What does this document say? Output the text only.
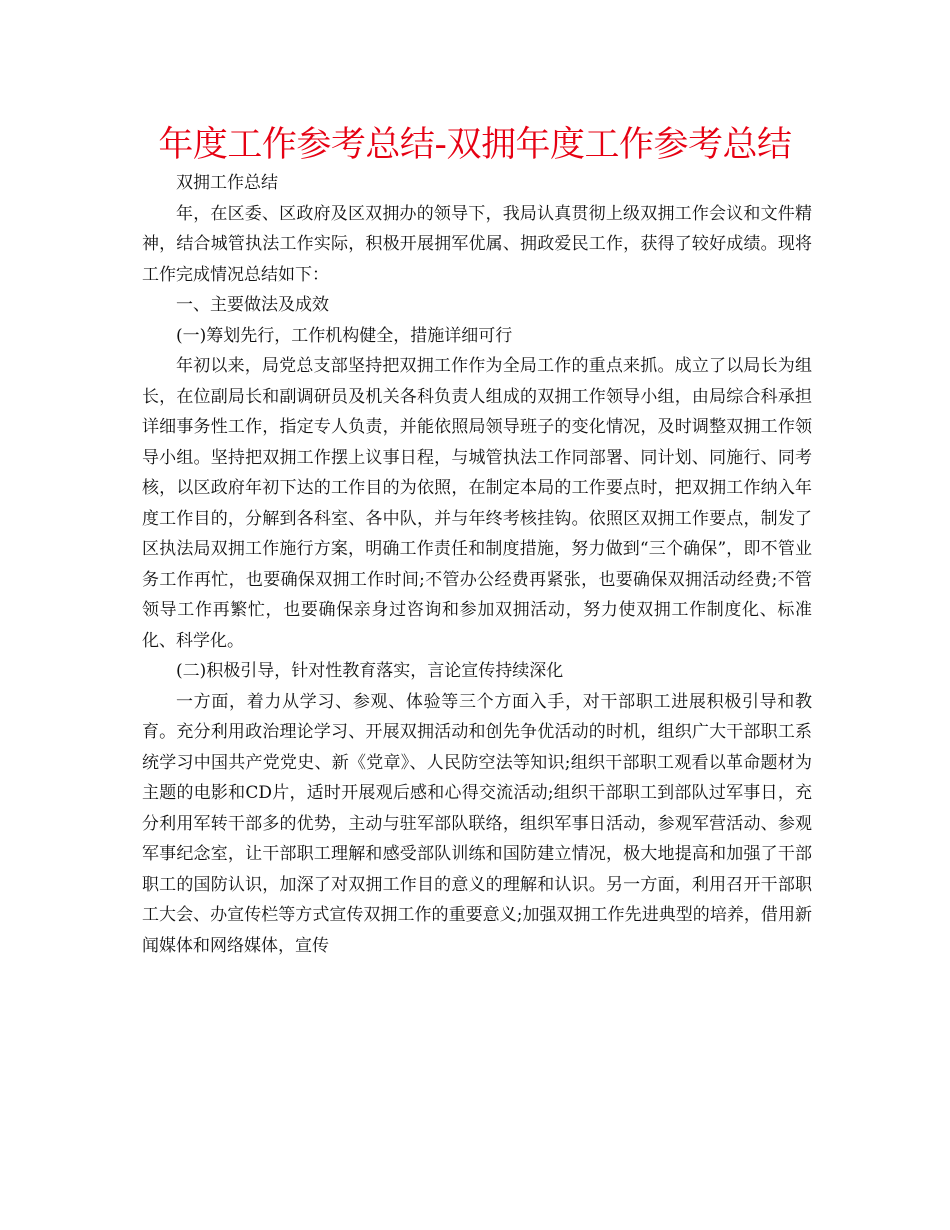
年度工作参考总结-双拥年度工作参考总结

双拥工作总结

年，在区委、区政府及区双拥办的领导下，我局认真贯彻上级双拥工作会议和文件精神，结合城管执法工作实际，积极开展拥军优属、拥政爱民工作，获得了较好成绩。现将工作完成情况总结如下：

一、主要做法及成效

(一)筹划先行，工作机构健全，措施详细可行

年初以来，局党总支部坚持把双拥工作作为全局工作的重点来抓。成立了以局长为组长，在位副局长和副调研员及机关各科负责人组成的双拥工作领导小组，由局综合科承担详细事务性工作，指定专人负责，并能依照局领导班子的变化情况，及时调整双拥工作领导小组。坚持把双拥工作摆上议事日程，与城管执法工作同部署、同计划、同施行、同考核，以区政府年初下达的工作目的为依照，在制定本局的工作要点时，把双拥工作纳入年度工作目的，分解到各科室、各中队，并与年终考核挂钩。依照区双拥工作要点，制发了区执法局双拥工作施行方案，明确工作责任和制度措施，努力做到“三个确保”，即不管业务工作再忙，也要确保双拥工作时间;不管办公经费再紧张，也要确保双拥活动经费;不管领导工作再繁忙，也要确保亲身过咨询和参加双拥活动，努力使双拥工作制度化、标准化、科学化。

(二)积极引导，针对性教育落实，言论宣传持续深化

一方面，着力从学习、参观、体验等三个方面入手，对干部职工进展积极引导和教育。充分利用政治理论学习、开展双拥活动和创先争优活动的时机，组织广大干部职工系统学习中国共产党党史、新《党章》、人民防空法等知识;组织干部职工观看以革命题材为主题的电影和CD片，适时开展观后感和心得交流活动;组织干部职工到部队过军事日，充分利用军转干部多的优势，主动与驻军部队联络，组织军事日活动，参观军营活动、参观军事纪念室，让干部职工理解和感受部队训练和国防建立情况，极大地提高和加强了干部职工的国防认识，加深了对双拥工作目的意义的理解和认识。另一方面，利用召开干部职工大会、办宣传栏等方式宣传双拥工作的重要意义;加强双拥工作先进典型的培养，借用新闻媒体和网络媒体，宣传
